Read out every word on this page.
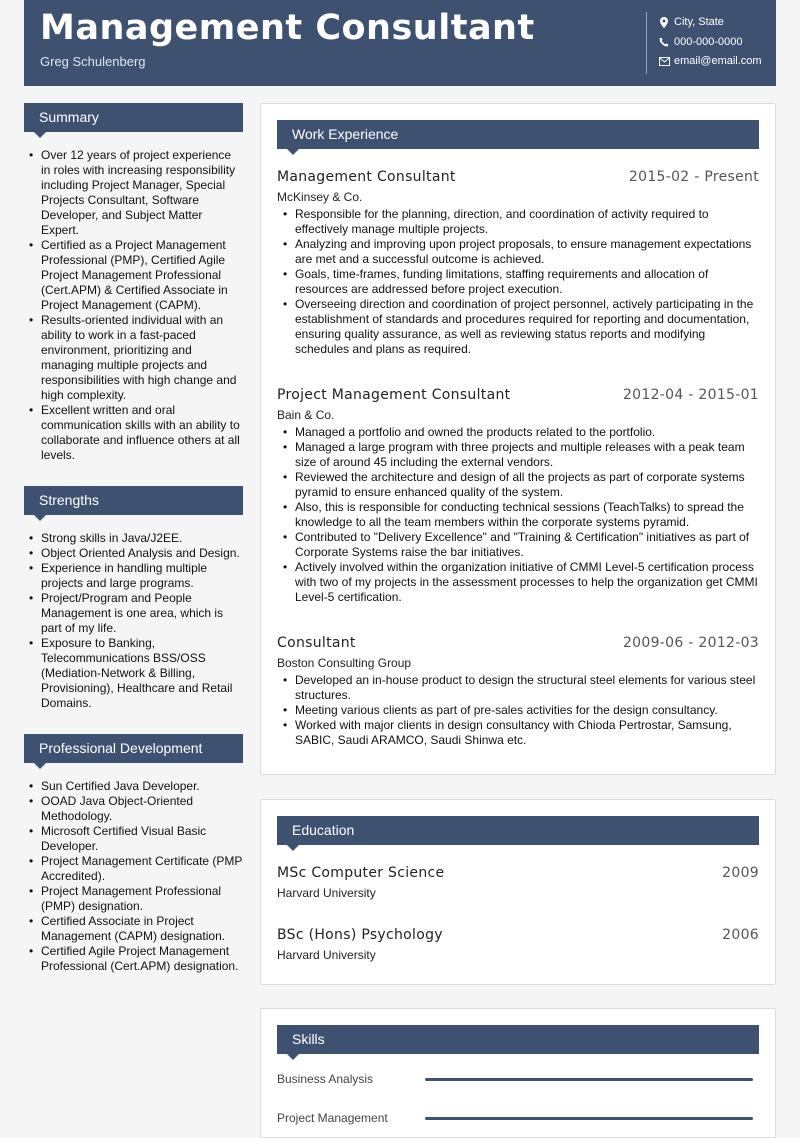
Management Consultant
Greg Schulenberg
City, State
000-000-0000
email@email.com
Summary
• Over 12 years of project experience in roles with increasing responsibility including Project Manager, Special Projects Consultant, Software Developer, and Subject Matter Expert.
• Certified as a Project Management Professional (PMP), Certified Agile Project Management Professional (Cert.APM) & Certified Associate in Project Management (CAPM).
• Results-oriented individual with an ability to work in a fast-paced environment, prioritizing and managing multiple projects and responsibilities with high change and high complexity.
• Excellent written and oral communication skills with an ability to collaborate and influence others at all levels.
Strengths
• Strong skills in Java/J2EE.
• Object Oriented Analysis and Design.
• Experience in handling multiple projects and large programs.
• Project/Program and People Management is one area, which is part of my life.
• Exposure to Banking, Telecommunications BSS/OSS (Mediation-Network & Billing, Provisioning), Healthcare and Retail Domains.
Professional Development
• Sun Certified Java Developer.
• OOAD Java Object-Oriented Methodology.
• Microsoft Certified Visual Basic Developer.
• Project Management Certificate (PMP Accredited).
• Project Management Professional (PMP) designation.
• Certified Associate in Project Management (CAPM) designation.
• Certified Agile Project Management Professional (Cert.APM) designation.
Work Experience
Management Consultant	2015-02 - Present
McKinsey & Co.
• Responsible for the planning, direction, and coordination of activity required to effectively manage multiple projects.
• Analyzing and improving upon project proposals, to ensure management expectations are met and a successful outcome is achieved.
• Goals, time-frames, funding limitations, staffing requirements and allocation of resources are addressed before project execution.
• Overseeing direction and coordination of project personnel, actively participating in the establishment of standards and procedures required for reporting and documentation, ensuring quality assurance, as well as reviewing status reports and modifying schedules and plans as required.
Project Management Consultant	2012-04 - 2015-01
Bain & Co.
• Managed a portfolio and owned the products related to the portfolio.
• Managed a large program with three projects and multiple releases with a peak team size of around 45 including the external vendors.
• Reviewed the architecture and design of all the projects as part of corporate systems pyramid to ensure enhanced quality of the system.
• Also, this is responsible for conducting technical sessions (TeachTalks) to spread the knowledge to all the team members within the corporate systems pyramid.
• Contributed to "Delivery Excellence" and "Training & Certification" initiatives as part of Corporate Systems raise the bar initiatives.
• Actively involved within the organization initiative of CMMI Level-5 certification process with two of my projects in the assessment processes to help the organization get CMMI Level-5 certification.
Consultant	2009-06 - 2012-03
Boston Consulting Group
• Developed an in-house product to design the structural steel elements for various steel structures.
• Meeting various clients as part of pre-sales activities for the design consultancy.
• Worked with major clients in design consultancy with Chioda Pertrostar, Samsung, SABIC, Saudi ARAMCO, Saudi Shinwa etc.
Education
MSc Computer Science	2009
Harvard University
BSc (Hons) Psychology	2006
Harvard University
Skills
Business Analysis
Project Management
